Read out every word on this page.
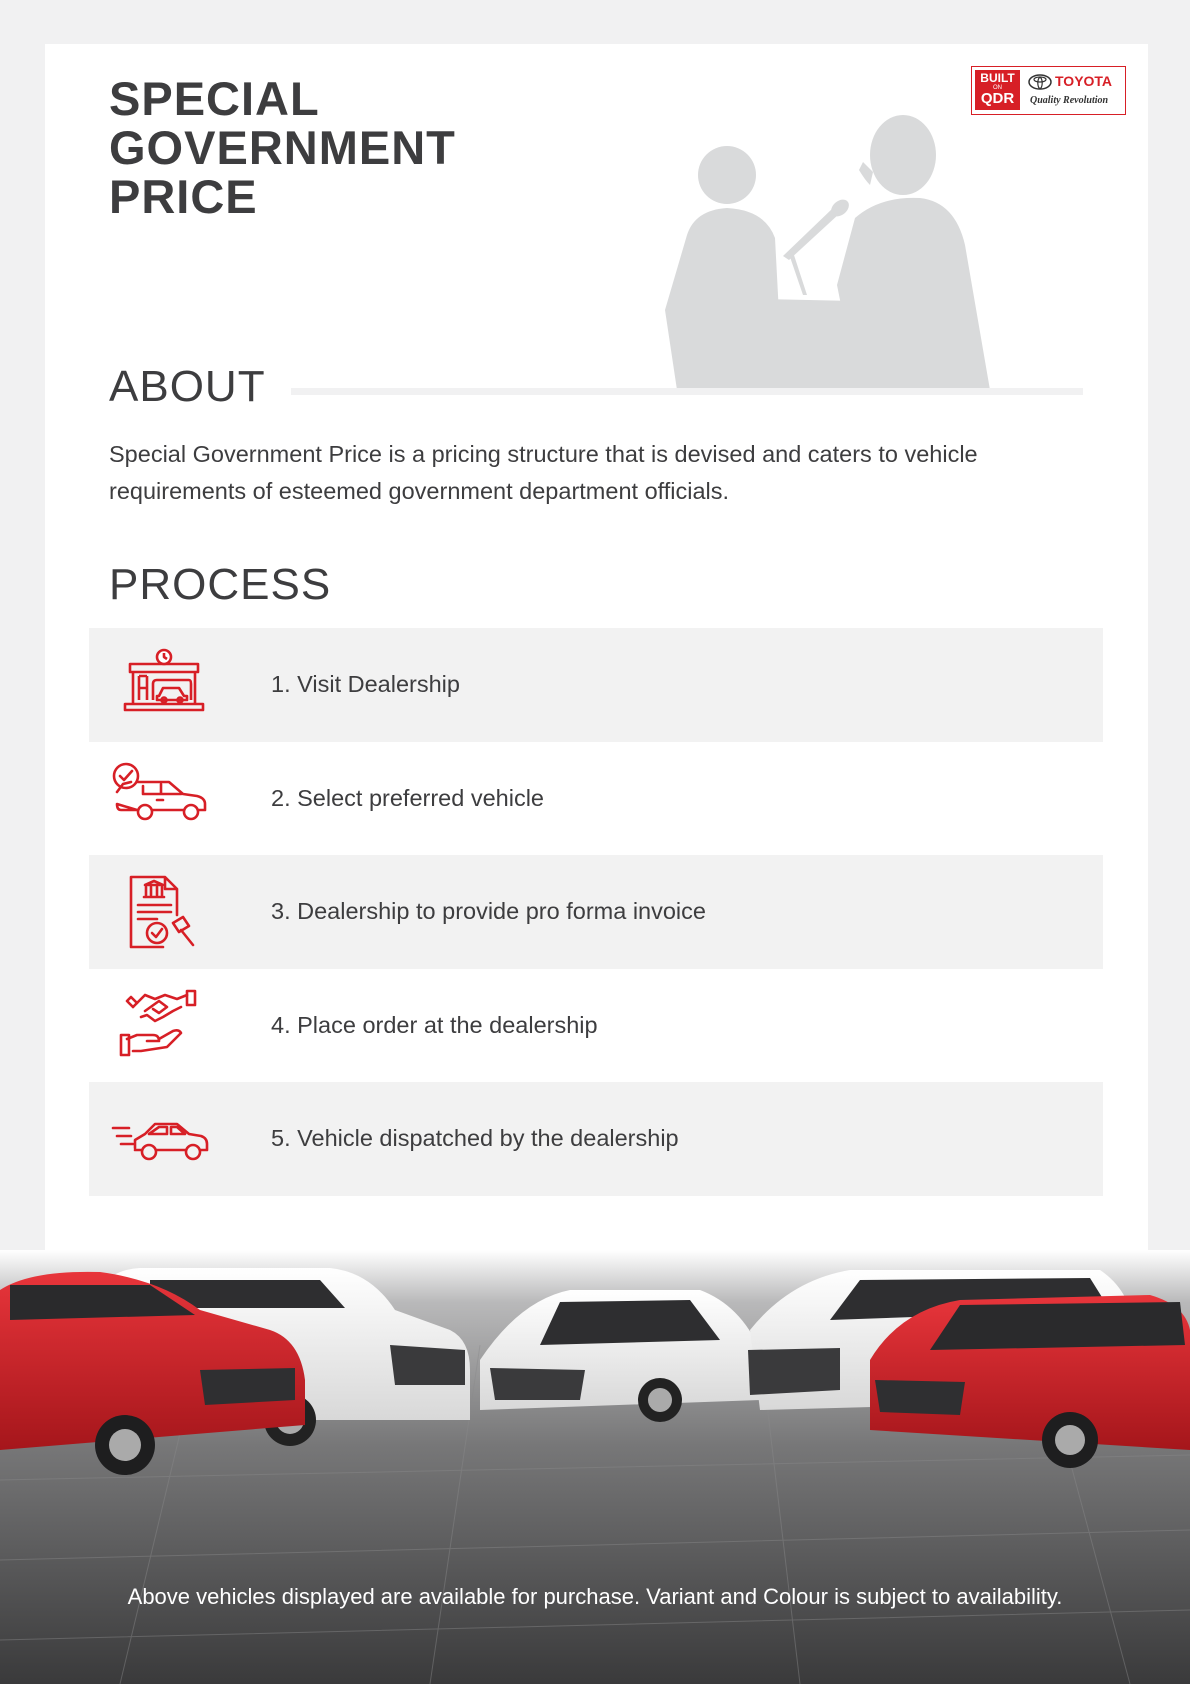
SPECIAL
GOVERNMENT
PRICE
BUILT
ON
QDR
TOYOTA
Quality Revolution
ABOUT

Special Government Price is a pricing structure that is devised and caters to vehicle requirements of esteemed government department officials.

PROCESS
1. Visit Dealership
2. Select preferred vehicle
3. Dealership to provide pro forma invoice
4. Place order at the dealership
5. Vehicle dispatched by the dealership

Above vehicles displayed are available for purchase. Variant and Colour is subject to availability.
